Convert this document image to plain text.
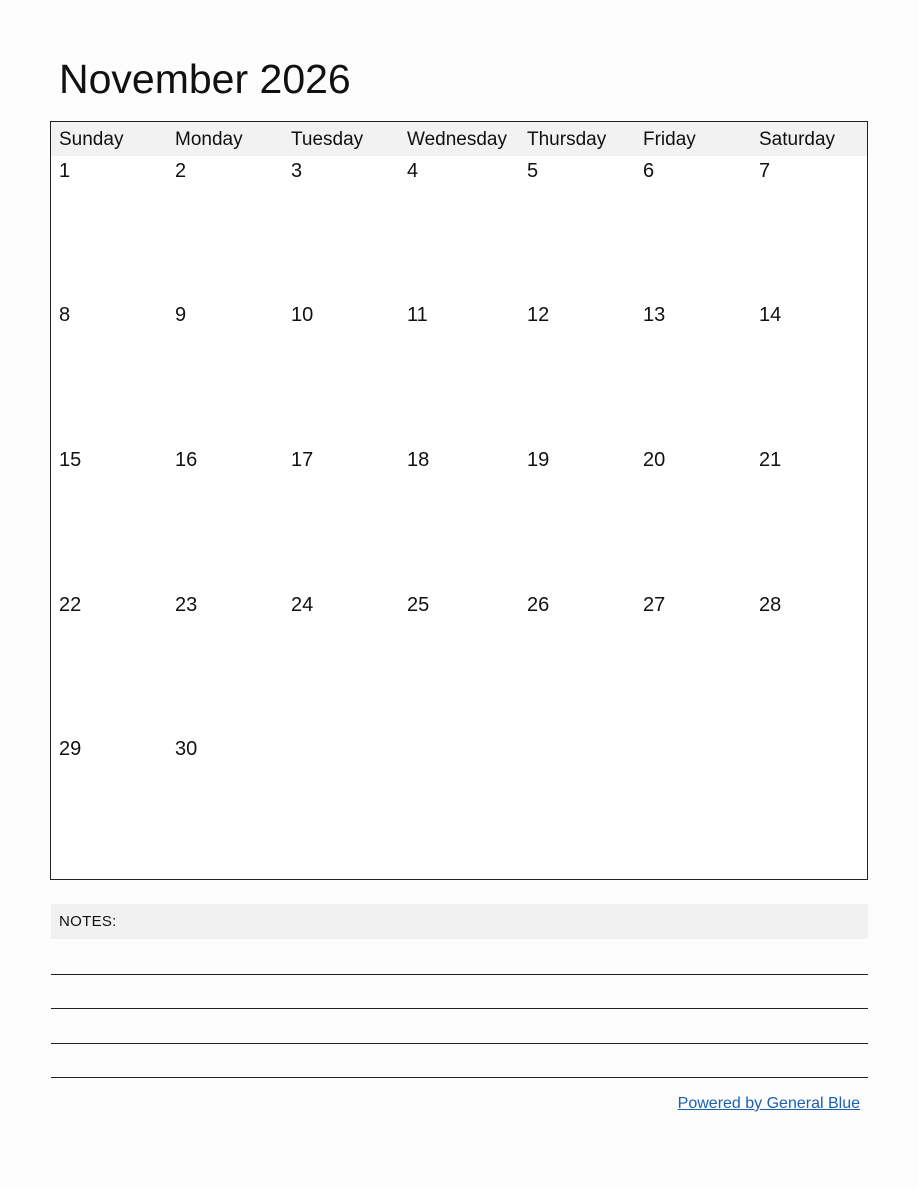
November 2026
Sunday	Monday	Tuesday Wednesday Thursday Friday	Saturday
1	2	3	4	5	6	7
8	9	10	11	12	13	14
15	16	17	18	19	20	21
22	23	24	25	26	27	28
29	30
NOTES:
Powered by General Blue
